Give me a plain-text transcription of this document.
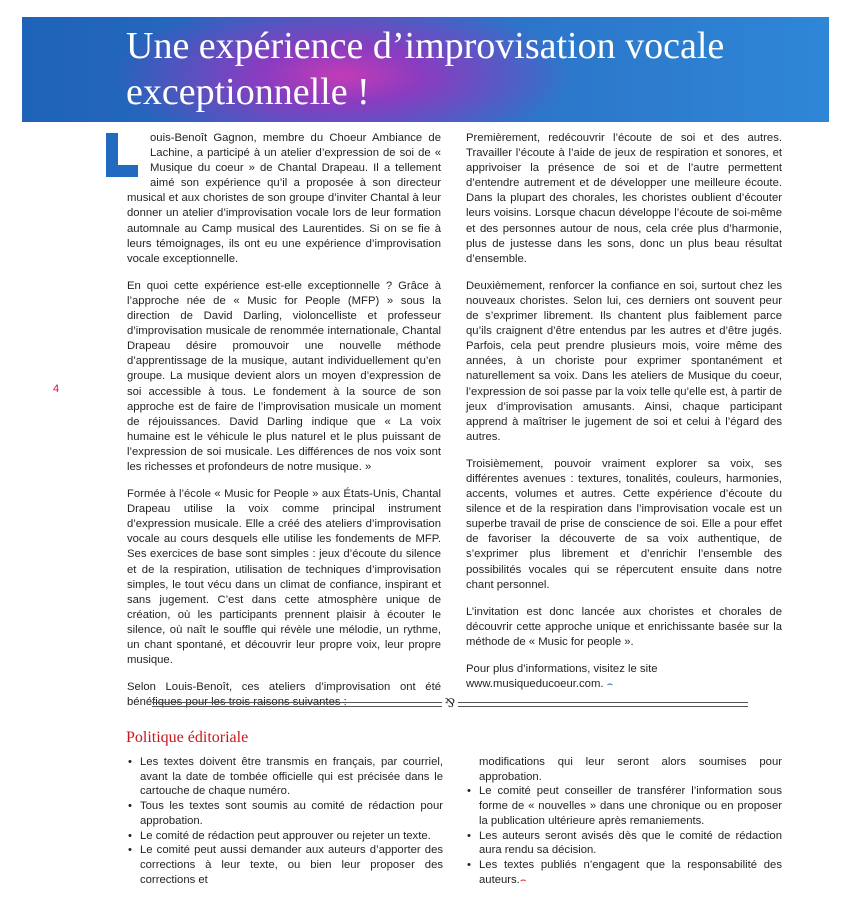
Une expérience d’improvisation vocale exceptionnelle !
4

ouis-Benoît Gagnon, membre du Choeur Ambiance de Lachine, a participé à un atelier d’expression de soi de « Musique du coeur » de Chantal Drapeau. Il a tellement aimé son expérience qu’il a proposée à son directeur musical et aux choristes de son groupe d’inviter Chantal à leur donner un atelier d’improvisation vocale lors de leur formation automnale au Camp musical des Laurentides. Si on se fie à leurs témoignages, ils ont eu une expérience d’improvisation vocale exceptionnelle.

En quoi cette expérience est-elle exceptionnelle ? Grâce à l’approche née de « Music for People (MFP) » sous la direction de David Darling, violoncelliste et professeur d’improvisation musicale de renommée internationale, Chantal Drapeau désire promouvoir une nouvelle méthode d’apprentissage de la musique, autant individuellement qu’en groupe. La musique devient alors un moyen d’expression de soi accessible à tous. Le fondement à la source de son approche est de faire de l’improvisation musicale un moment de réjouissances. David Darling indique que « La voix humaine est le véhicule le plus naturel et le plus puissant de l’expression de soi musicale. Les différences de nos voix sont les richesses et profondeurs de notre musique. »

Formée à l’école « Music for People » aux États-Unis, Chantal Drapeau utilise la voix comme principal instrument d’expression musicale. Elle a créé des ateliers d’improvisation vocale au cours desquels elle utilise les fondements de MFP. Ses exercices de base sont simples : jeux d’écoute du silence et de la respiration, utilisation de techniques d’improvisation simples, le tout vécu dans un climat de confiance, inspirant et sans jugement. C’est dans cette atmosphère unique de création, où les participants prennent plaisir à écouter le silence, où naît le souffle qui révèle une mélodie, un rythme, un chant spontané, et découvrir leur propre voix, leur propre musique.

Selon Louis-Benoît, ces ateliers d’improvisation ont été bénéfiques pour les trois raisons suivantes :

Premièrement, redécouvrir l’écoute de soi et des autres. Travailler l’écoute à l’aide de jeux de respiration et sonores, et apprivoiser la présence de soi et de l’autre permettent d’entendre autrement et de développer une meilleure écoute. Dans la plupart des chorales, les choristes oublient d’écouter leurs voisins. Lorsque chacun développe l’écoute de soi-même et des personnes autour de nous, cela crée plus d’harmonie, plus de justesse dans les sons, donc un plus beau résultat d’ensemble.

Deuxièmement, renforcer la confiance en soi, surtout chez les nouveaux choristes. Selon lui, ces derniers ont souvent peur de s’exprimer librement. Ils chantent plus faiblement parce qu’ils craignent d’être entendus par les autres et d’être jugés. Parfois, cela peut prendre plusieurs mois, voire même des années, à un choriste pour exprimer spontanément et naturellement sa voix. Dans les ateliers de Musique du coeur, l’expression de soi passe par la voix telle qu’elle est, à partir de jeux d’improvisation amusants. Ainsi, chaque participant apprend à maîtriser le jugement de soi et celui à l’égard des autres.

Troisièmement, pouvoir vraiment explorer sa voix, ses différentes avenues : textures, tonalités, couleurs, harmonies, accents, volumes et autres. Cette expérience d’écoute du silence et de la respiration dans l’improvisation vocale est un superbe travail de prise de conscience de soi. Elle a pour effet de favoriser la découverte de sa voix authentique, de s’exprimer plus librement et d’enrichir l’ensemble des possibilités vocales qui se répercutent ensuite dans notre chant personnel.

L’invitation est donc lancée aux choristes et chorales de découvrir cette approche unique et enrichissante basée sur la méthode de « Music for people ».

Pour plus d’informations, visitez le site www.musiqueducoeur.com. ⌢

⅋
Politique éditoriale
• Les textes doivent être transmis en français, par courriel, avant la date de tombée officielle qui est précisée dans le cartouche de chaque numéro.
• Tous les textes sont soumis au comité de rédaction pour approbation.
• Le comité de rédaction peut approuver ou rejeter un texte.
• Le comité peut aussi demander aux auteurs d’apporter des corrections à leur texte, ou bien leur proposer des corrections et
modifications qui leur seront alors soumises pour approbation.
• Le comité peut conseiller de transférer l’information sous forme de « nouvelles » dans une chronique ou en proposer la publication ultérieure après remaniements.
• Les auteurs seront avisés dès que le comité de rédaction aura rendu sa décision.
• Les textes publiés n’engagent que la responsabilité des auteurs.⌢
